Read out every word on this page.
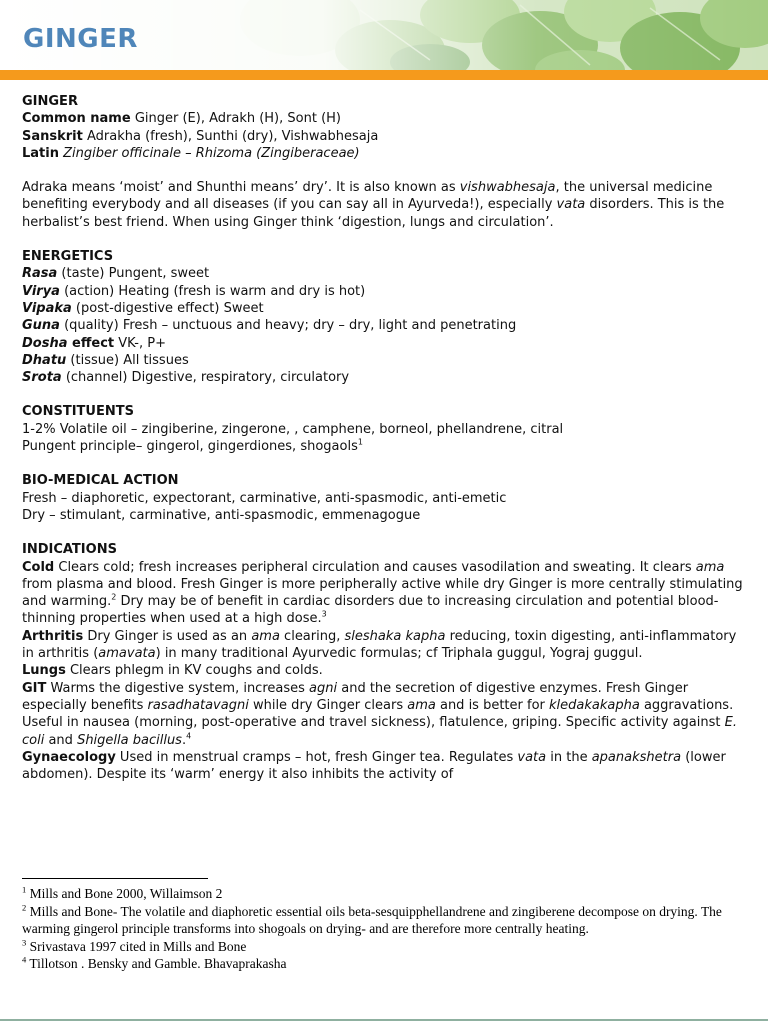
GINGER

GINGER

Common name Ginger (E), Adrakh (H), Sont (H)

Sanskrit Adrakha (fresh), Sunthi (dry), Vishwabhesaja

Latin Zingiber officinale – Rhizoma (Zingiberaceae)

Adraka means ‘moist’ and Shunthi means’ dry’. It is also known as vishwabhesaja, the universal medicine benefiting everybody and all diseases (if you can say all in Ayurveda!), especially vata disorders. This is the herbalist’s best friend. When using Ginger think ‘digestion, lungs and circulation’.

ENERGETICS

Rasa (taste) Pungent, sweet

Virya (action) Heating (fresh is warm and dry is hot)

Vipaka (post-digestive effect) Sweet

Guna (quality) Fresh – unctuous and heavy; dry – dry, light and penetrating

Dosha effect VK-, P+

Dhatu (tissue) All tissues

Srota (channel) Digestive, respiratory, circulatory

CONSTITUENTS

1-2% Volatile oil – zingiberine, zingerone, , camphene, borneol, phellandrene, citral

Pungent principle– gingerol, gingerdiones, shogaols$^1$

BIO-MEDICAL ACTION

Fresh – diaphoretic, expectorant, carminative, anti-spasmodic, anti-emetic

Dry – stimulant, carminative, anti-spasmodic, emmenagogue

INDICATIONS

Cold Clears cold; fresh increases peripheral circulation and causes vasodilation and sweating. It clears ama from plasma and blood. Fresh Ginger is more peripherally active while dry Ginger is more centrally stimulating and warming.$^2$ Dry may be of benefit in cardiac disorders due to increasing circulation and potential blood-thinning properties when used at a high dose.$^3$

Arthritis Dry Ginger is used as an ama clearing, sleshaka kapha reducing, toxin digesting, anti-inflammatory in arthritis (amavata) in many traditional Ayurvedic formulas; cf Triphala guggul, Yograj guggul.

Lungs Clears phlegm in KV coughs and colds.

GIT Warms the digestive system, increases agni and the secretion of digestive enzymes. Fresh Ginger especially benefits rasadhatavagni while dry Ginger clears ama and is better for kledakakapha aggravations. Useful in nausea (morning, post-operative and travel sickness), flatulence, griping. Specific activity against E. coli and Shigella bacillus.$^4$

Gynaecology Used in menstrual cramps – hot, fresh Ginger tea. Regulates vata in the apanakshetra (lower abdomen). Despite its ‘warm’ energy it also inhibits the activity of

$^1$ Mills and Bone 2000, Willaimson 2

$^2$ Mills and Bone- The volatile and diaphoretic essential oils beta-sesquipphellandrene and zingiberene decompose on drying. The warming gingerol principle transforms into shogoals on drying- and are therefore more centrally heating.

$^3$ Srivastava 1997 cited in Mills and Bone

$^4$ Tillotson . Bensky and Gamble. Bhavaprakasha
